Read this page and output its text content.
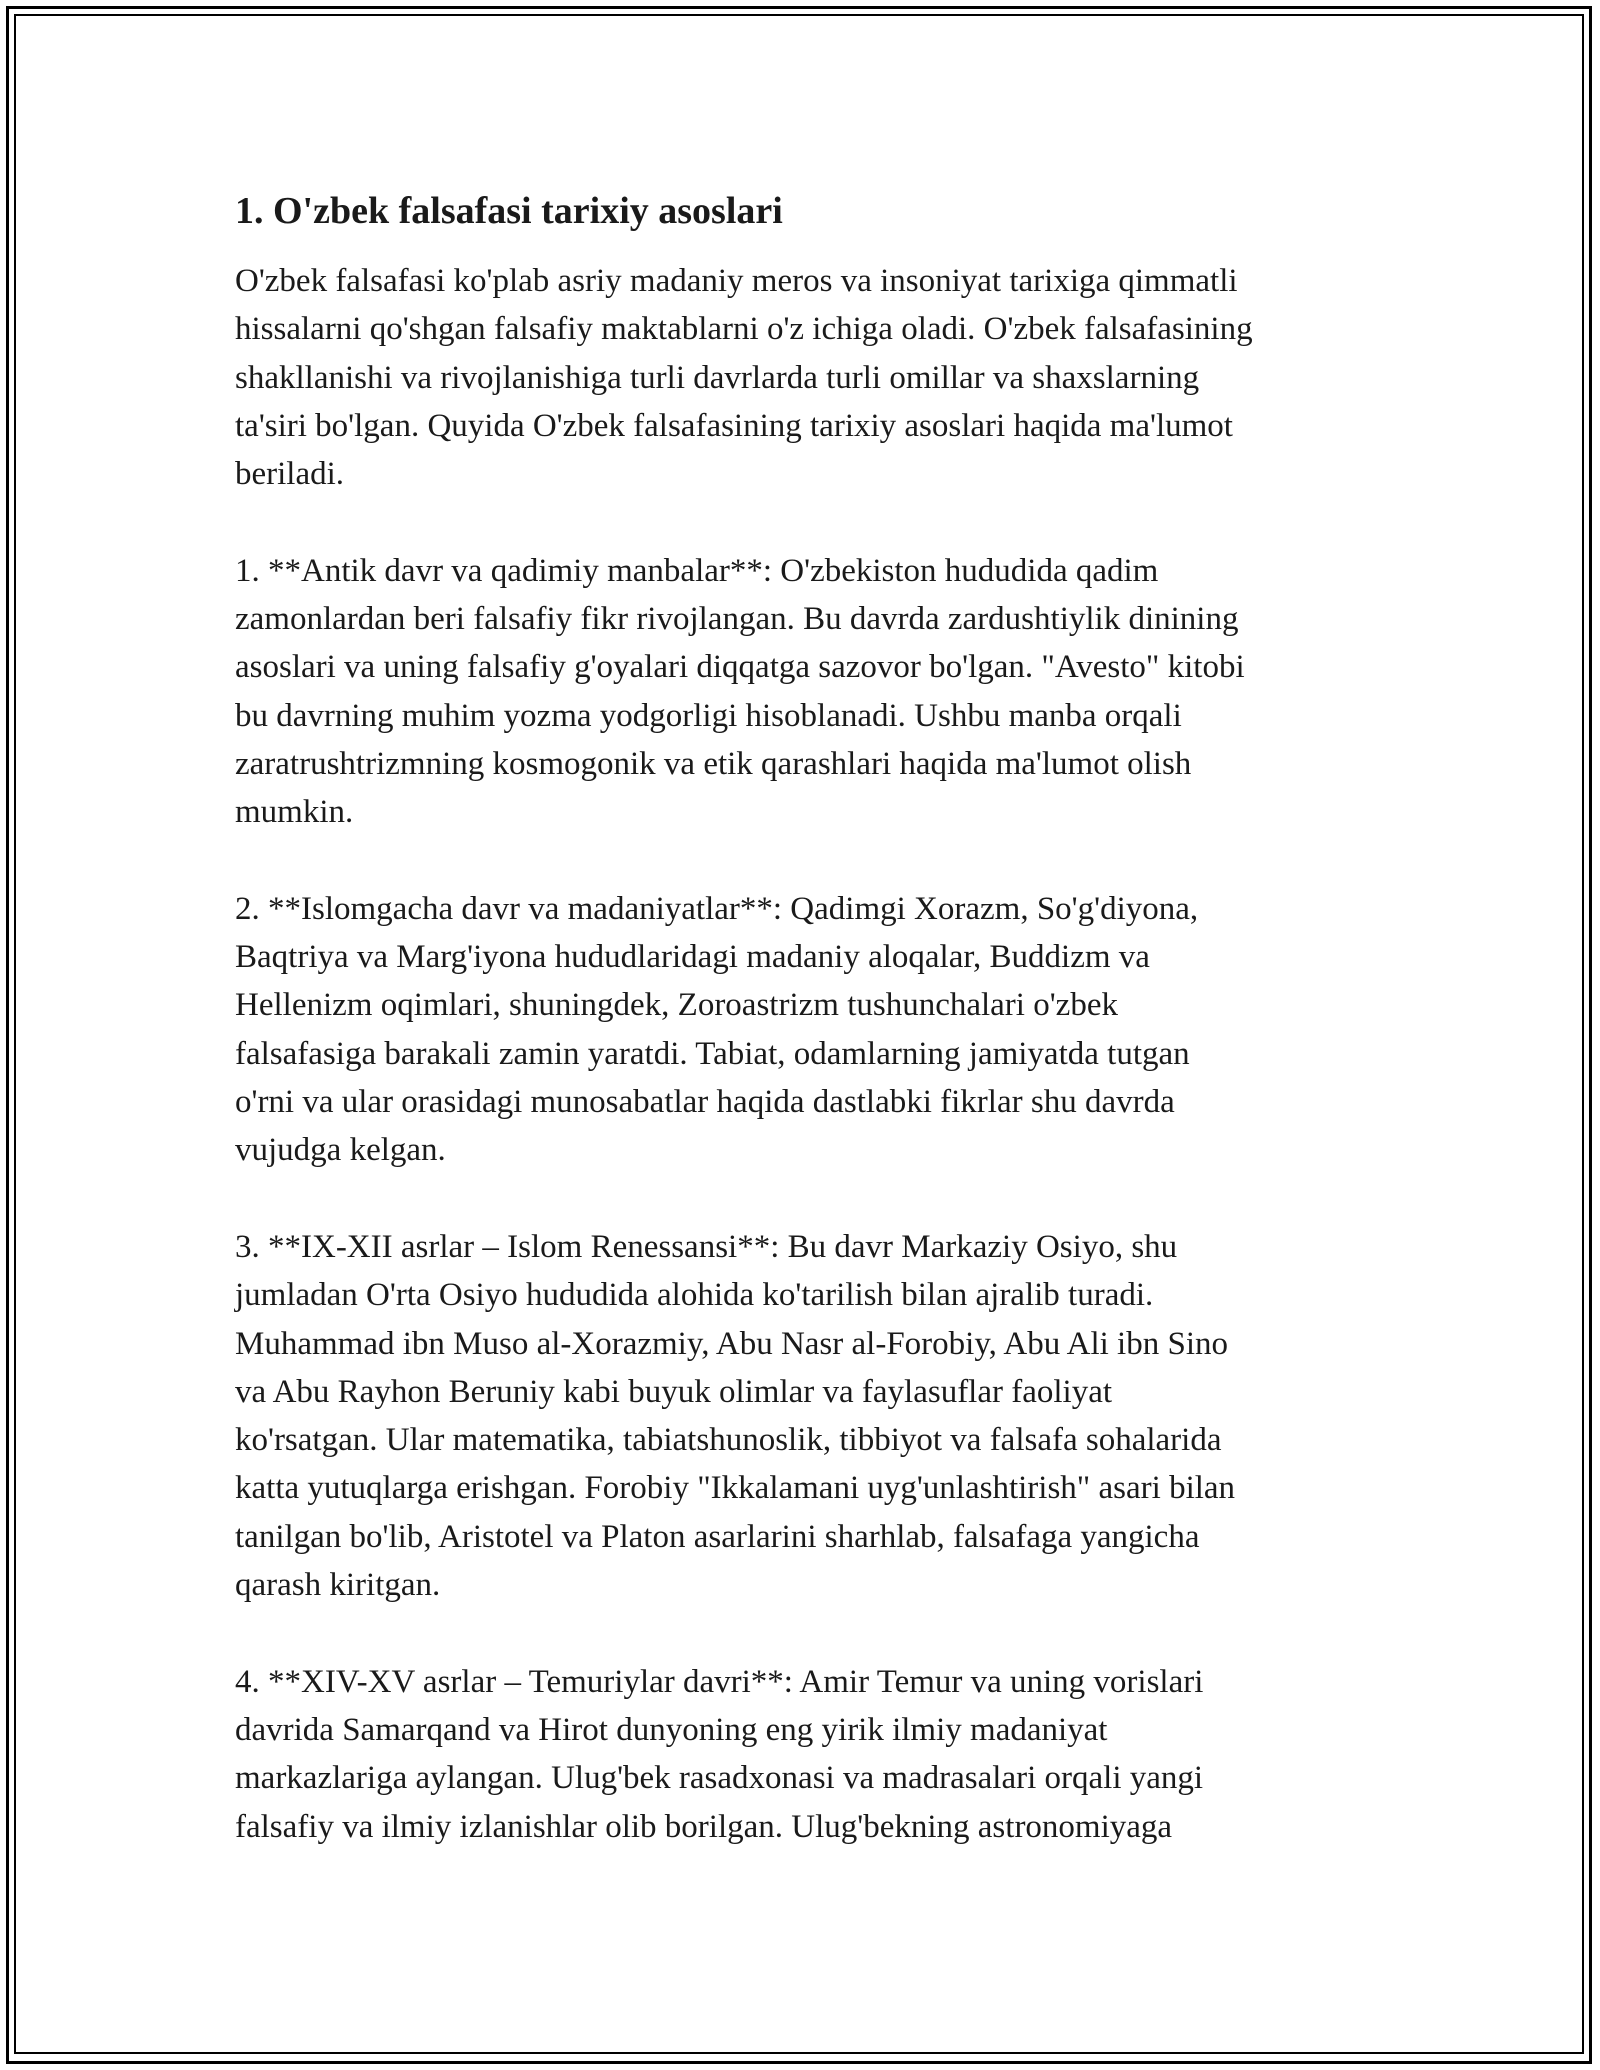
1. O'zbek falsafasi tarixiy asoslari
O'zbek falsafasi ko'plab asriy madaniy meros va insoniyat tarixiga qimmatli
hissalarni qo'shgan falsafiy maktablarni o'z ichiga oladi. O'zbek falsafasining
shakllanishi va rivojlanishiga turli davrlarda turli omillar va shaxslarning
ta'siri bo'lgan. Quyida O'zbek falsafasining tarixiy asoslari haqida ma'lumot
beriladi.
1. **Antik davr va qadimiy manbalar**: O'zbekiston hududida qadim
zamonlardan beri falsafiy fikr rivojlangan. Bu davrda zardushtiylik dinining
asoslari va uning falsafiy g'oyalari diqqatga sazovor bo'lgan. "Avesto" kitobi
bu davrning muhim yozma yodgorligi hisoblanadi. Ushbu manba orqali
zaratrushtrizmning kosmogonik va etik qarashlari haqida ma'lumot olish
mumkin.
2. **Islomgacha davr va madaniyatlar**: Qadimgi Xorazm, So'g'diyona,
Baqtriya va Marg'iyona hududlaridagi madaniy aloqalar, Buddizm va
Hellenizm oqimlari, shuningdek, Zoroastrizm tushunchalari o'zbek
falsafasiga barakali zamin yaratdi. Tabiat, odamlarning jamiyatda tutgan
o'rni va ular orasidagi munosabatlar haqida dastlabki fikrlar shu davrda
vujudga kelgan.
3. **IX-XII asrlar – Islom Renessansi**: Bu davr Markaziy Osiyo, shu
jumladan O'rta Osiyo hududida alohida ko'tarilish bilan ajralib turadi.
Muhammad ibn Muso al-Xorazmiy, Abu Nasr al-Forobiy, Abu Ali ibn Sino
va Abu Rayhon Beruniy kabi buyuk olimlar va faylasuflar faoliyat
ko'rsatgan. Ular matematika, tabiatshunoslik, tibbiyot va falsafa sohalarida
katta yutuqlarga erishgan. Forobiy "Ikkalamani uyg'unlashtirish" asari bilan
tanilgan bo'lib, Aristotel va Platon asarlarini sharhlab, falsafaga yangicha
qarash kiritgan.
4. **XIV-XV asrlar – Temuriylar davri**: Amir Temur va uning vorislari
davrida Samarqand va Hirot dunyoning eng yirik ilmiy madaniyat
markazlariga aylangan. Ulug'bek rasadxonasi va madrasalari orqali yangi
falsafiy va ilmiy izlanishlar olib borilgan. Ulug'bekning astronomiyaga
